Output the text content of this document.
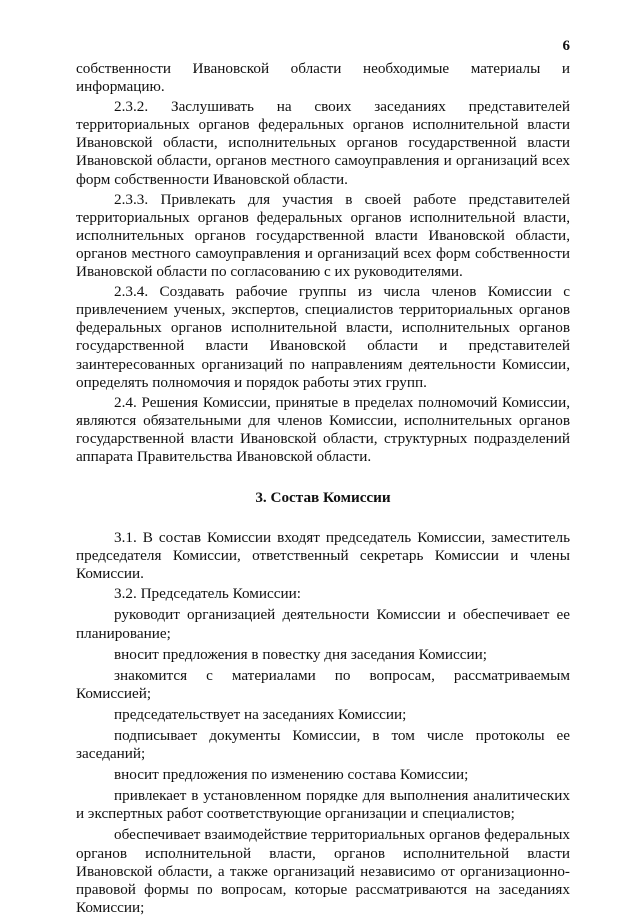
6

собственности Ивановской области необходимые материалы и информацию.

2.3.2. Заслушивать на своих заседаниях представителей территориальных органов федеральных органов исполнительной власти Ивановской области, исполнительных органов государственной власти Ивановской области, органов местного самоуправления и организаций всех форм собственности Ивановской области.

2.3.3. Привлекать для участия в своей работе представителей территориальных органов федеральных органов исполнительной власти, исполнительных органов государственной власти Ивановской области, органов местного самоуправления и организаций всех форм собственности Ивановской области по согласованию с их руководителями.

2.3.4. Создавать рабочие группы из числа членов Комиссии с привлечением ученых, экспертов, специалистов территориальных органов федеральных органов исполнительной власти, исполнительных органов государственной власти Ивановской области и представителей заинтересованных организаций по направлениям деятельности Комиссии, определять полномочия и порядок работы этих групп.

2.4. Решения Комиссии, принятые в пределах полномочий Комиссии, являются обязательными для членов Комиссии, исполнительных органов государственной власти Ивановской области, структурных подразделений аппарата Правительства Ивановской области.

3. Состав Комиссии

3.1. В состав Комиссии входят председатель Комиссии, заместитель председателя Комиссии, ответственный секретарь Комиссии и члены Комиссии.

3.2. Председатель Комиссии:

руководит организацией деятельности Комиссии и обеспечивает ее планирование;

вносит предложения в повестку дня заседания Комиссии;

знакомится с материалами по вопросам, рассматриваемым Комиссией;

председательствует на заседаниях Комиссии;

подписывает документы Комиссии, в том числе протоколы ее заседаний;

вносит предложения по изменению состава Комиссии;

привлекает в установленном порядке для выполнения аналитических и экспертных работ соответствующие организации и специалистов;

обеспечивает взаимодействие территориальных органов федеральных органов исполнительной власти, органов исполнительной власти Ивановской области, а также организаций независимо от организационно-правовой формы по вопросам, которые рассматриваются на заседаниях Комиссии;
